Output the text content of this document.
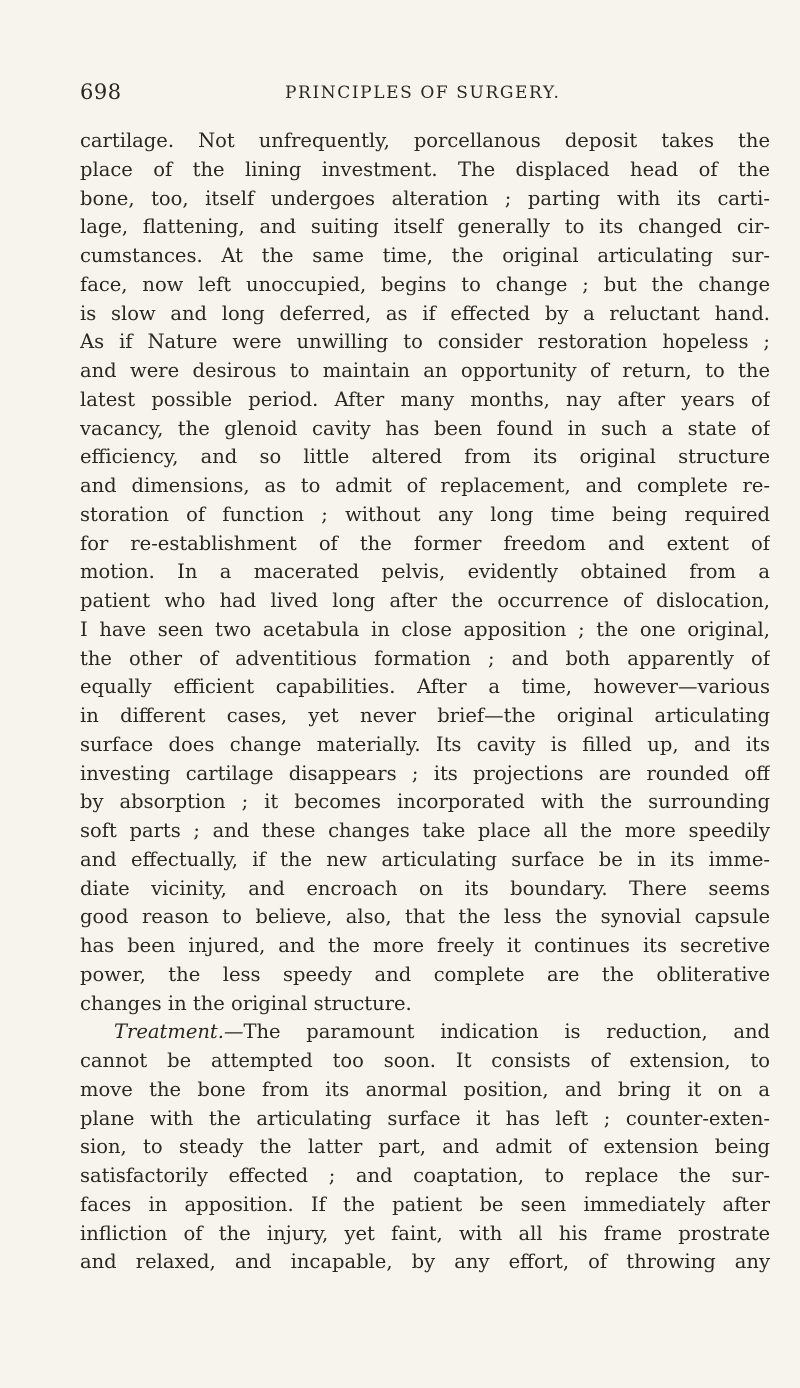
698	PRINCIPLES OF SURGERY.
cartilage. Not unfrequently, porcellanous deposit takes the
place of the lining investment. The displaced head of the
bone, too, itself undergoes alteration ; parting with its carti-
lage, flattening, and suiting itself generally to its changed cir-
cumstances. At the same time, the original articulating sur-
face, now left unoccupied, begins to change ; but the change
is slow and long deferred, as if effected by a reluctant hand.
As if Nature were unwilling to consider restoration hopeless ;
and were desirous to maintain an opportunity of return, to the
latest possible period. After many months, nay after years of
vacancy, the glenoid cavity has been found in such a state of
efficiency, and so little altered from its original structure
and dimensions, as to admit of replacement, and complete re-
storation of function ; without any long time being required
for re-establishment of the former freedom and extent of
motion. In a macerated pelvis, evidently obtained from a
patient who had lived long after the occurrence of dislocation,
I have seen two acetabula in close apposition ; the one original,
the other of adventitious formation ; and both apparently of
equally efficient capabilities. After a time, however—various
in different cases, yet never brief—the original articulating
surface does change materially. Its cavity is filled up, and its
investing cartilage disappears ; its projections are rounded off
by absorption ; it becomes incorporated with the surrounding
soft parts ; and these changes take place all the more speedily
and effectually, if the new articulating surface be in its imme-
diate vicinity, and encroach on its boundary. There seems
good reason to believe, also, that the less the synovial capsule
has been injured, and the more freely it continues its secretive
power, the less speedy and complete are the obliterative
changes in the original structure.
Treatment.—The paramount indication is reduction, and
cannot be attempted too soon. It consists of extension, to
move the bone from its anormal position, and bring it on a
plane with the articulating surface it has left ; counter-exten-
sion, to steady the latter part, and admit of extension being
satisfactorily effected ; and coaptation, to replace the sur-
faces in apposition. If the patient be seen immediately after
infliction of the injury, yet faint, with all his frame prostrate
and relaxed, and incapable, by any effort, of throwing any
